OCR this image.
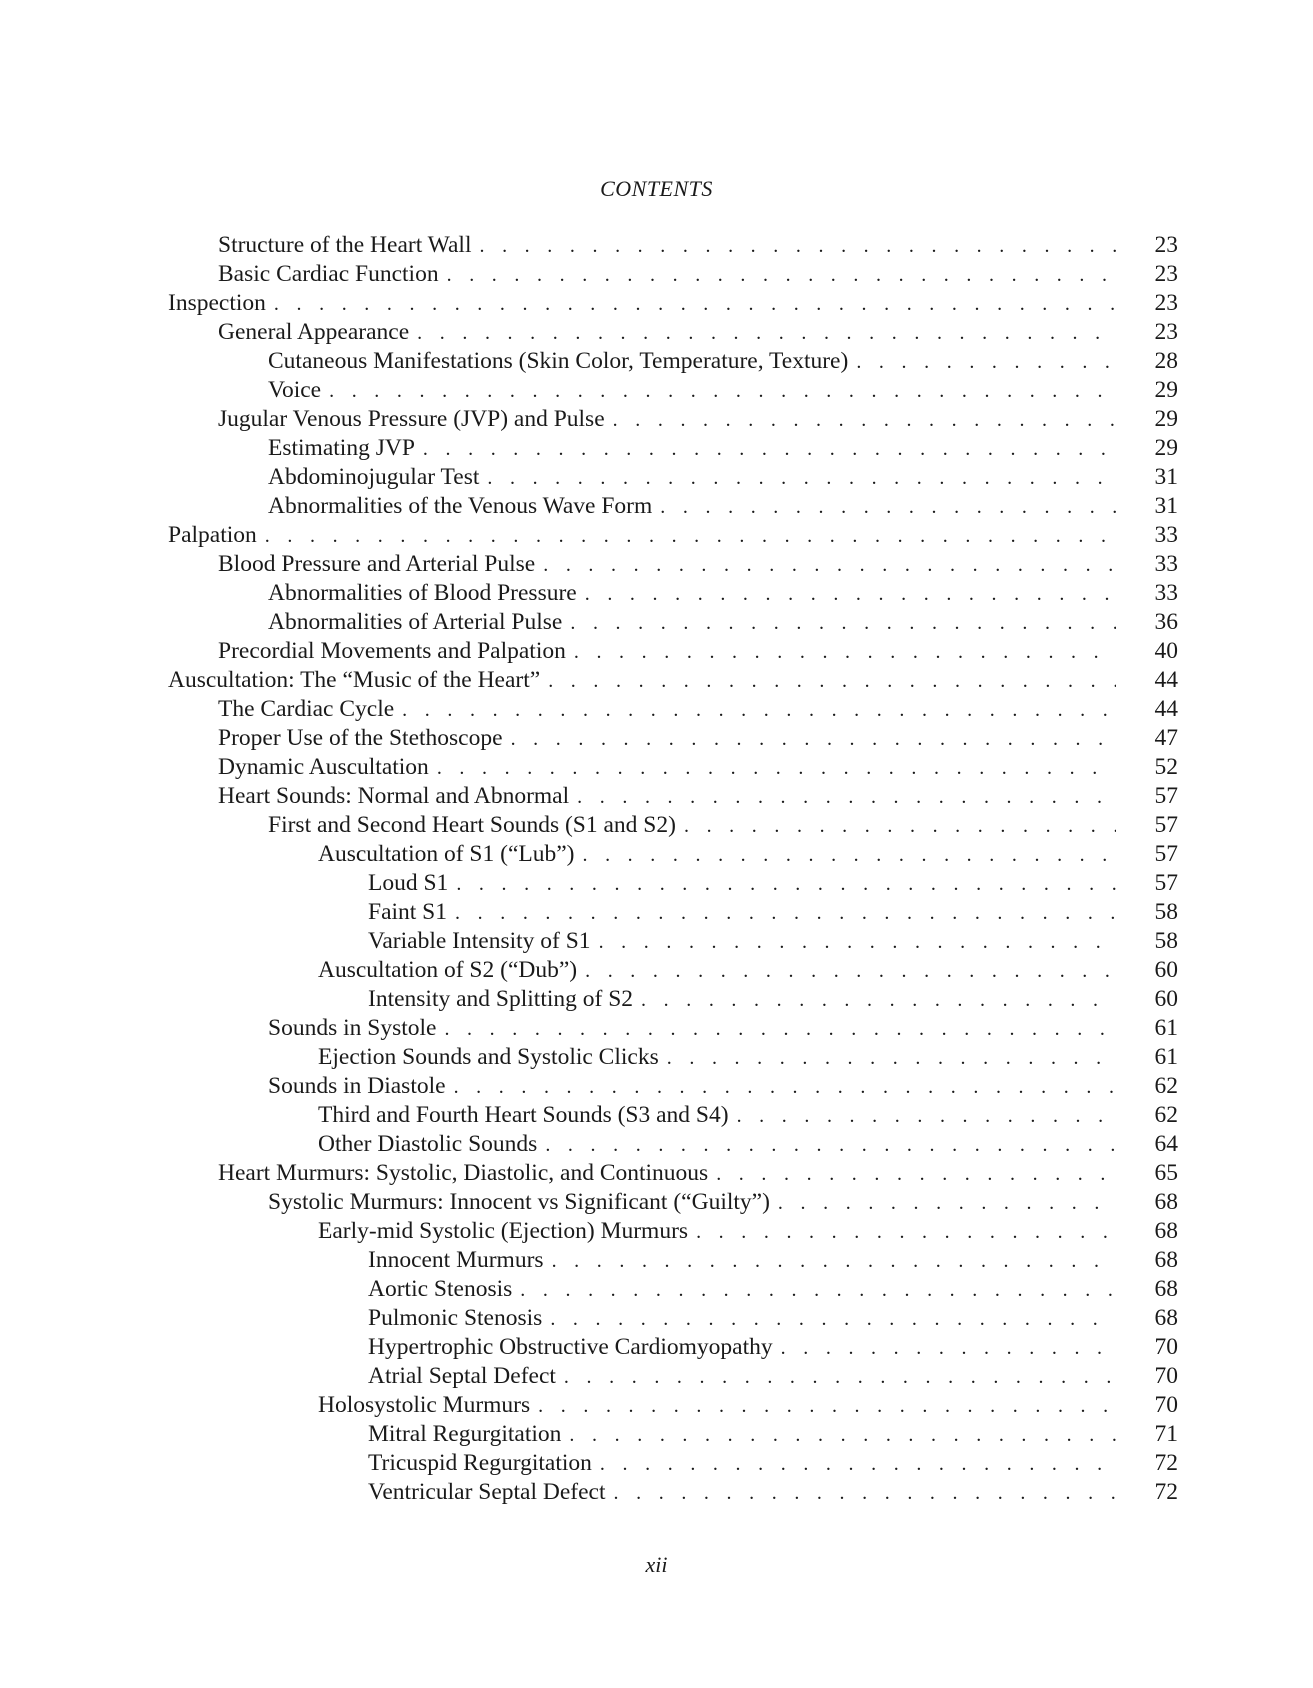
CONTENTS
Structure of the Heart Wall . . .	23
Basic Cardiac Function . . .	23
Inspection . . .	23
General Appearance . . .	23
Cutaneous Manifestations (Skin Color, Temperature, Texture) . . .	28
Voice . . .	29
Jugular Venous Pressure (JVP) and Pulse . . .	29
Estimating JVP . . .	29
Abdominojugular Test . . .	31
Abnormalities of the Venous Wave Form . . .	31
Palpation . . .	33
Blood Pressure and Arterial Pulse . . .	33
Abnormalities of Blood Pressure . . .	33
Abnormalities of Arterial Pulse . . .	36
Precordial Movements and Palpation . . .	40
Auscultation: The “Music of the Heart” . . .	44
The Cardiac Cycle . . .	44
Proper Use of the Stethoscope . . .	47
Dynamic Auscultation . . .	52
Heart Sounds: Normal and Abnormal . . .	57
First and Second Heart Sounds (S1 and S2) . . .	57
Auscultation of S1 (“Lub”) . . .	57
Loud S1 . . .	57
Faint S1 . . .	58
Variable Intensity of S1 . . .	58
Auscultation of S2 (“Dub”) . . .	60
Intensity and Splitting of S2 . . .	60
Sounds in Systole . . .	61
Ejection Sounds and Systolic Clicks . . .	61
Sounds in Diastole . . .	62
Third and Fourth Heart Sounds (S3 and S4) . . .	62
Other Diastolic Sounds . . .	64
Heart Murmurs: Systolic, Diastolic, and Continuous . . .	65
Systolic Murmurs: Innocent vs Significant (“Guilty”) . . .	68
Early-mid Systolic (Ejection) Murmurs . . .	68
Innocent Murmurs . . .	68
Aortic Stenosis . . .	68
Pulmonic Stenosis . . .	68
Hypertrophic Obstructive Cardiomyopathy . . .	70
Atrial Septal Defect . . .	70
Holosystolic Murmurs . . .	70
Mitral Regurgitation . . .	71
Tricuspid Regurgitation . . .	72
Ventricular Septal Defect . . .	72
xii
